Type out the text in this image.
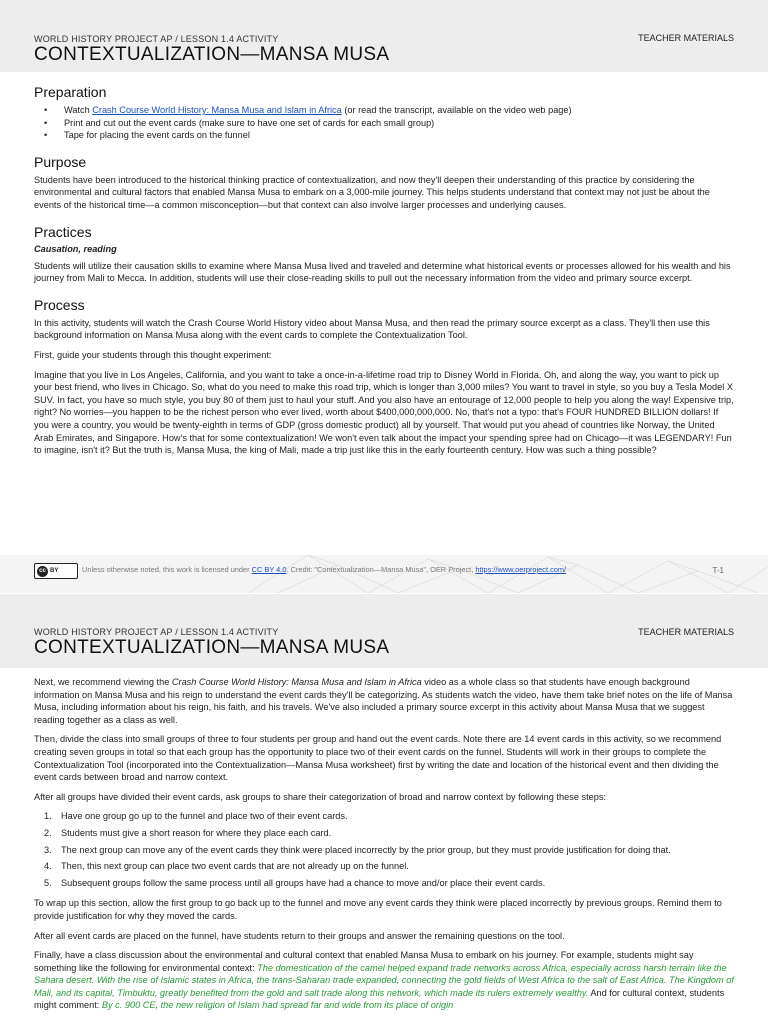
WORLD HISTORY PROJECT AP / LESSON 1.4 ACTIVITY
CONTEXTUALIZATION—MANSA MUSA
TEACHER MATERIALS
Preparation
• Watch Crash Course World History: Mansa Musa and Islam in Africa (or read the transcript, available on the video web page)
• Print and cut out the event cards (make sure to have one set of cards for each small group)
• Tape for placing the event cards on the funnel
Purpose

Students have been introduced to the historical thinking practice of contextualization, and now they'll deepen their understanding of this practice by considering the environmental and cultural factors that enabled Mansa Musa to embark on a 3,000-mile journey. This helps students understand that context may not just be about the events of the historical time—a common misconception—but that context can also involve larger processes and underlying causes.

Practices
Causation, reading

Students will utilize their causation skills to examine where Mansa Musa lived and traveled and determine what historical events or processes allowed for his wealth and his journey from Mali to Mecca. In addition, students will use their close-reading skills to pull out the necessary information from the video and primary source excerpt.

Process

In this activity, students will watch the Crash Course World History video about Mansa Musa, and then read the primary source excerpt as a class. They'll then use this background information on Mansa Musa along with the event cards to complete the Contextualization Tool.

First, guide your students through this thought experiment:

Imagine that you live in Los Angeles, California, and you want to take a once-in-a-lifetime road trip to Disney World in Florida. Oh, and along the way, you want to pick up your best friend, who lives in Chicago. So, what do you need to make this road trip, which is longer than 3,000 miles? You want to travel in style, so you buy a Tesla Model X SUV. In fact, you have so much style, you buy 80 of them just to haul your stuff. And you also have an entourage of 12,000 people to help you along the way! Expensive trip, right? No worries—you happen to be the richest person who ever lived, worth about $400,000,000,000. No, that's not a typo: that's FOUR HUNDRED BILLION dollars! If you were a country, you would be twenty-eighth in terms of GDP (gross domestic product) all by yourself. That would put you ahead of countries like Norway, the United Arab Emirates, and Singapore. How's that for some contextualization! We won't even talk about the impact your spending spree had on Chicago—it was LEGENDARY! Fun to imagine, isn't it? But the truth is, Mansa Musa, the king of Mali, made a trip just like this in the early fourteenth century. How was such a thing possible?

cc BY	Unless otherwise noted, this work is licensed under CC BY 4.0. Credit: "Contextualization—Mansa Musa", OER Project, https://www.oerproject.com/	T-1
WORLD HISTORY PROJECT AP / LESSON 1.4 ACTIVITY
CONTEXTUALIZATION—MANSA MUSA
TEACHER MATERIALS

Next, we recommend viewing the Crash Course World History: Mansa Musa and Islam in Africa video as a whole class so that students have enough background information on Mansa Musa and his reign to understand the event cards they'll be categorizing. As students watch the video, have them take brief notes on the life of Mansa Musa, including information about his reign, his faith, and his travels. We've also included a primary source excerpt in this activity about Mansa Musa that we suggest reading together as a class as well.

Then, divide the class into small groups of three to four students per group and hand out the event cards. Note there are 14 event cards in this activity, so we recommend creating seven groups in total so that each group has the opportunity to place two of their event cards on the funnel. Students will work in their groups to complete the Contextualization Tool (incorporated into the Contextualization—Mansa Musa worksheet) first by writing the date and location of the historical event and then dividing the event cards between broad and narrow context.

After all groups have divided their event cards, ask groups to share their categorization of broad and narrow context by following these steps:

1. Have one group go up to the funnel and place two of their event cards.
2. Students must give a short reason for where they place each card.
3. The next group can move any of the event cards they think were placed incorrectly by the prior group, but they must provide justification for doing that.
4. Then, this next group can place two event cards that are not already up on the funnel.
5. Subsequent groups follow the same process until all groups have had a chance to move and/or place their event cards.

To wrap up this section, allow the first group to go back up to the funnel and move any event cards they think were placed incorrectly by previous groups. Remind them to provide justification for why they moved the cards.

After all event cards are placed on the funnel, have students return to their groups and answer the remaining questions on the tool.

Finally, have a class discussion about the environmental and cultural context that enabled Mansa Musa to embark on his journey. For example, students might say something like the following for environmental context: The domestication of the camel helped expand trade networks across Africa, especially across harsh terrain like the Sahara desert. With the rise of Islamic states in Africa, the trans-Saharan trade expanded, connecting the gold fields of West Africa to the salt of East Africa. The Kingdom of Mali, and its capital, Timbuktu, greatly benefited from the gold and salt trade along this network, which made its rulers extremely wealthy. And for cultural context, students might comment: By c. 900 CE, the new religion of Islam had spread far and wide from its place of origin
